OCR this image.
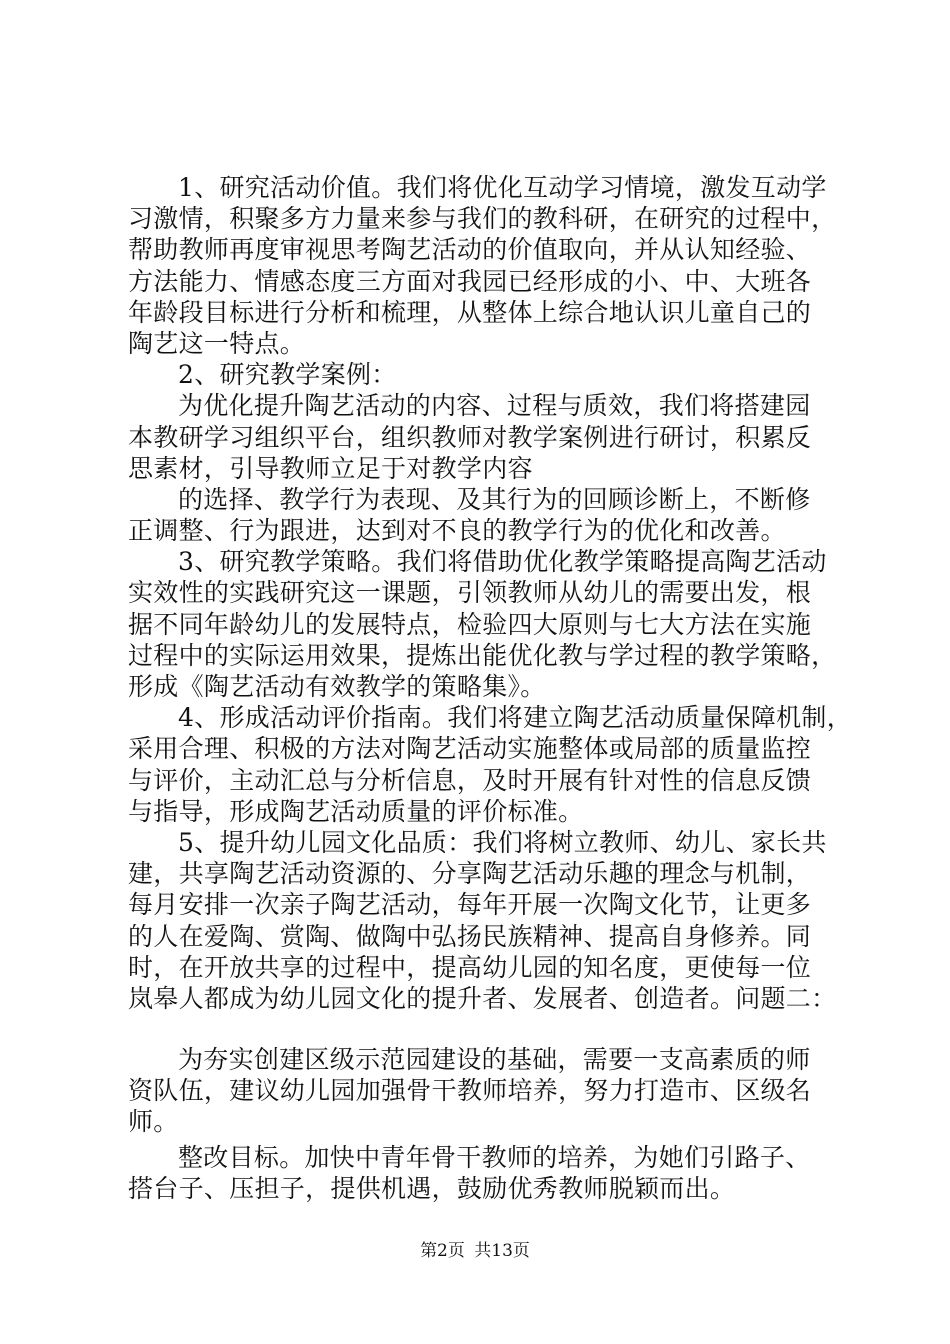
1、研究活动价值。我们将优化互动学习情境，激发互动学
习激情，积聚多方力量来参与我们的教科研，在研究的过程中，
帮助教师再度审视思考陶艺活动的价值取向，并从认知经验、
方法能力、情感态度三方面对我园已经形成的小、中、大班各
年龄段目标进行分析和梳理，从整体上综合地认识儿童自己的
陶艺这一特点。
2、研究教学案例：
为优化提升陶艺活动的内容、过程与质效，我们将搭建园
本教研学习组织平台，组织教师对教学案例进行研讨，积累反
思素材，引导教师立足于对教学内容
的选择、教学行为表现、及其行为的回顾诊断上，不断修
正调整、行为跟进，达到对不良的教学行为的优化和改善。
3、研究教学策略。我们将借助优化教学策略提高陶艺活动
实效性的实践研究这一课题，引领教师从幼儿的需要出发，根
据不同年龄幼儿的发展特点，检验四大原则与七大方法在实施
过程中的实际运用效果，提炼出能优化教与学过程的教学策略，
形成《陶艺活动有效教学的策略集》。
4、形成活动评价指南。我们将建立陶艺活动质量保障机制，
采用合理、积极的方法对陶艺活动实施整体或局部的质量监控
与评价，主动汇总与分析信息，及时开展有针对性的信息反馈
与指导，形成陶艺活动质量的评价标准。
5、提升幼儿园文化品质：我们将树立教师、幼儿、家长共
建，共享陶艺活动资源的、分享陶艺活动乐趣的理念与机制，
每月安排一次亲子陶艺活动，每年开展一次陶文化节，让更多
的人在爱陶、赏陶、做陶中弘扬民族精神、提高自身修养。同
时，在开放共享的过程中，提高幼儿园的知名度，更使每一位
岚皋人都成为幼儿园文化的提升者、发展者、创造者。问题二：
为夯实创建区级示范园建设的基础，需要一支高素质的师
资队伍，建议幼儿园加强骨干教师培养，努力打造市、区级名
师。
整改目标。加快中青年骨干教师的培养，为她们引路子、
搭台子、压担子，提供机遇，鼓励优秀教师脱颖而出。
第2页 共13页
